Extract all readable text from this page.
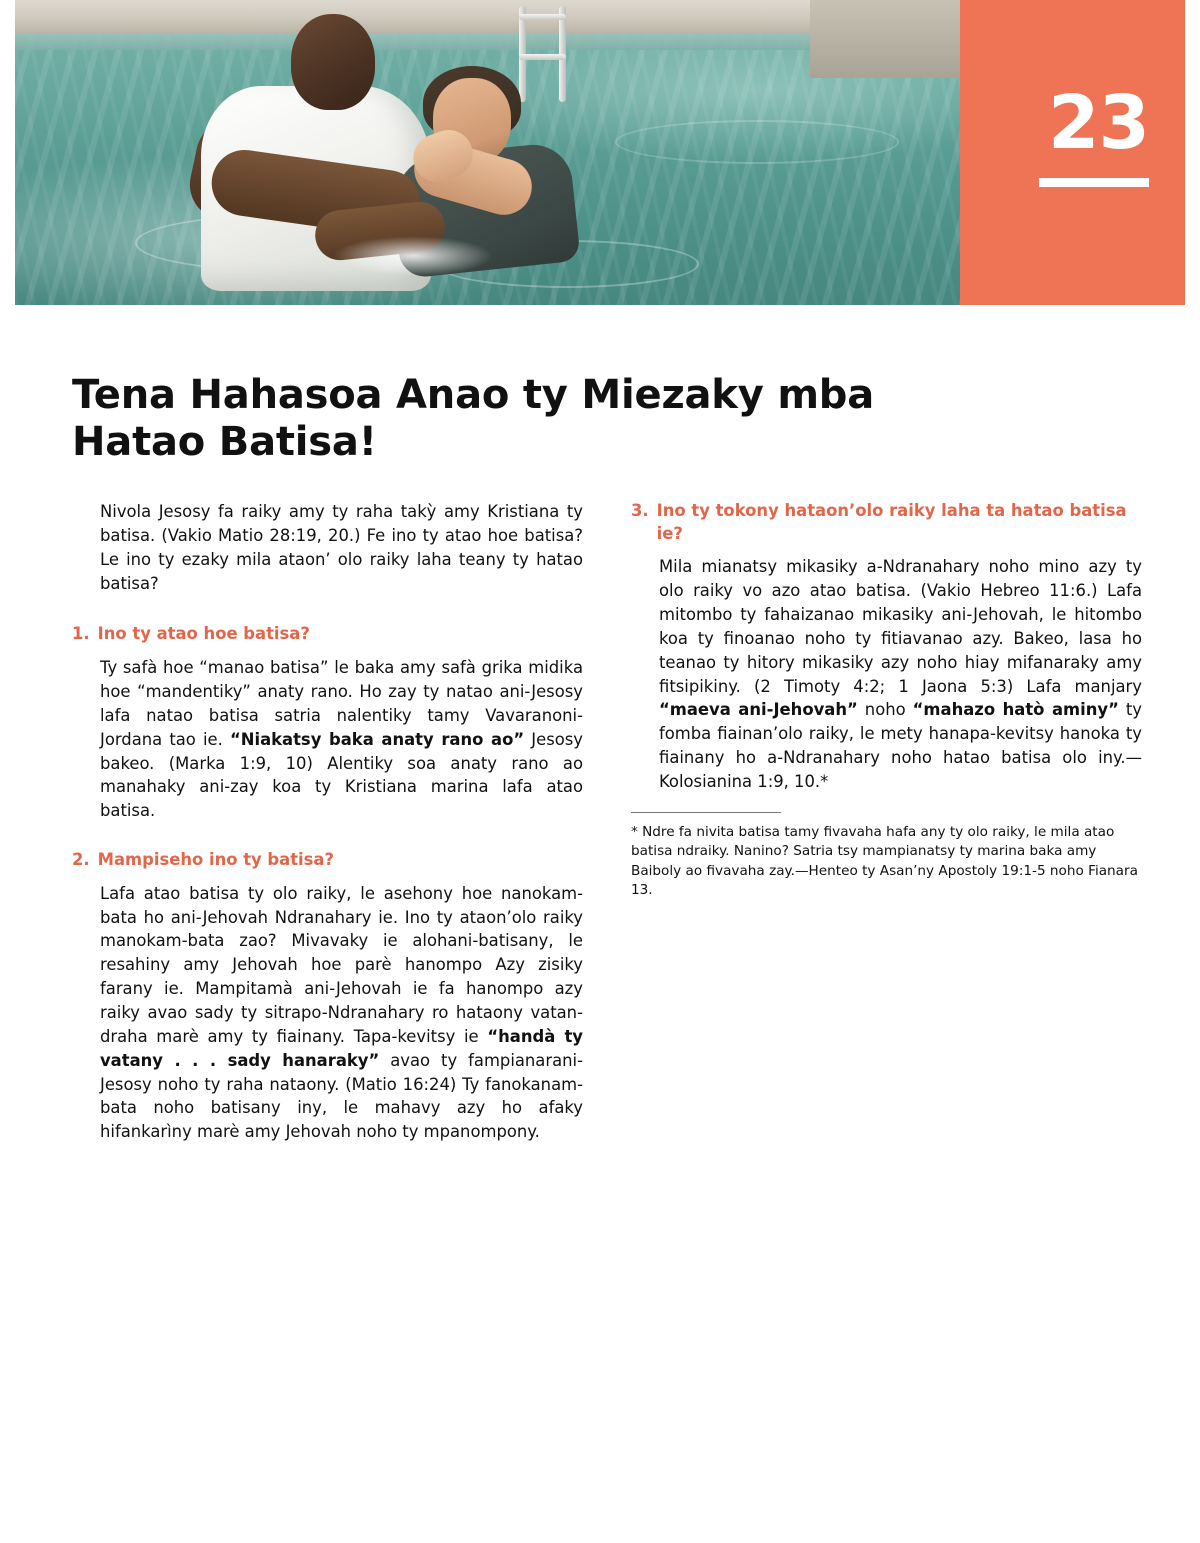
23
Tena Hahasoa Anao ty Miezaky mba Hatao Batisa!

Nivola Jesosy fa raiky amy ty raha takỳ amy Kristiana ty batisa. (Vakio Matio 28:19, 20.) Fe ino ty atao hoe batisa? Le ino ty ezaky mila ataon’ olo raiky laha teany ty hatao batisa?

1. Ino ty atao hoe batisa?

Ty safà hoe “manao batisa” le baka amy safà grika midika hoe “mandentiky” anaty rano. Ho zay ty natao ani-Jesosy lafa natao batisa satria nalentiky tamy Vavaranoni-Jordana tao ie. “Niakatsy baka anaty rano ao” Jesosy bakeo. (Marka 1:9, 10) Alentiky soa anaty rano ao manahaky ani-zay koa ty Kristiana marina lafa atao batisa.

2. Mampiseho ino ty batisa?

Lafa atao batisa ty olo raiky, le asehony hoe nanokam-bata ho ani-Jehovah Ndranahary ie. Ino ty ataon’olo raiky manokam-bata zao? Mivavaky ie alohani-batisany, le resahiny amy Jehovah hoe parè hanompo Azy zisiky farany ie. Mampitamà ani-Jehovah ie fa hanompo azy raiky avao sady ty sitrapo-Ndranahary ro hataony vatan-draha marè amy ty fiainany. Tapa-kevitsy ie “handà ty vatany . . . sady hanaraky” avao ty fampianarani-Jesosy noho ty raha nataony. (Matio 16:24) Ty fanokanam-bata noho batisany iny, le mahavy azy ho afaky hifankarìny marè amy Jehovah noho ty mpanompony.

3. Ino ty tokony hataon’olo raiky laha ta hatao batisa ie?

Mila mianatsy mikasiky a-Ndranahary noho mino azy ty olo raiky vo azo atao batisa. (Vakio Hebreo 11:6.) Lafa mitombo ty fahaizanao mikasiky ani-Jehovah, le hitombo koa ty finoanao noho ty fitiavanao azy. Bakeo, lasa ho teanao ty hitory mikasiky azy noho hiay mifanaraky amy fitsipikiny. (2 Timoty 4:2; 1 Jaona 5:3) Lafa manjary “maeva ani-Jehovah” noho “mahazo hatò aminy” ty fomba fiainan’olo raiky, le mety hanapa-kevitsy hanoka ty fiainany ho a-Ndranahary noho hatao batisa olo iny.—Kolosianina 1:9, 10.*

* Ndre fa nivita batisa tamy fivavaha hafa any ty olo raiky, le mila atao batisa ndraiky. Nanino? Satria tsy mampianatsy ty marina baka amy Baiboly ao fivavaha zay.—Henteo ty Asan’ny Apostoly 19:1-5 noho Fianara 13.
